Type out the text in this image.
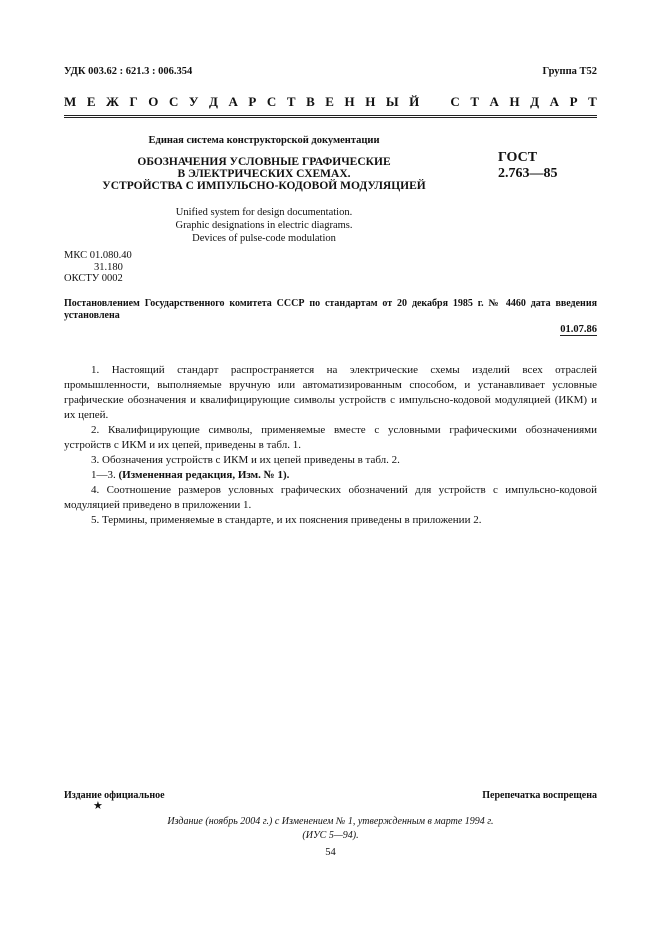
УДК 003.62 : 621.3 : 006.354	Группа Т52
М Е Ж Г О С У Д А Р С Т В Е Н Н Ы Й С Т А Н Д А Р Т
Единая система конструкторской документации
ОБОЗНАЧЕНИЯ УСЛОВНЫЕ ГРАФИЧЕСКИЕ
В ЭЛЕКТРИЧЕСКИХ СХЕМАХ.
УСТРОЙСТВА С ИМПУЛЬСНО-КОДОВОЙ МОДУЛЯЦИЕЙ
ГОСТ
2.763—85
Unified system for design documentation.
Graphic designations in electric diagrams.
Devices of pulse-code modulation
МКС 01.080.40
31.180
ОКСТУ 0002
Постановлением Государственного комитета СССР по стандартам от 20 декабря 1985 г. № 4460 дата введения установлена
01.07.86

1. Настоящий стандарт распространяется на электрические схемы изделий всех отраслей промышленности, выполняемые вручную или автоматизированным способом, и устанавливает условные графические обозначения и квалифицирующие символы устройств с импульсно-кодовой модуляцией (ИКМ) и их цепей.

2. Квалифицирующие символы, применяемые вместе с условными графическими обозначениями устройств с ИКМ и их цепей, приведены в табл. 1.

3. Обозначения устройств с ИКМ и их цепей приведены в табл. 2.

1—3. (Измененная редакция, Изм. № 1).

4. Соотношение размеров условных графических обозначений для устройств с импульсно-кодовой модуляцией приведено в приложении 1.

5. Термины, применяемые в стандарте, и их пояснения приведены в приложении 2.

Издание официальное	Перепечатка воспрещена
★
Издание (ноябрь 2004 г.) с Изменением № 1, утвержденным в марте 1994 г.
(ИУС 5—94).
54
